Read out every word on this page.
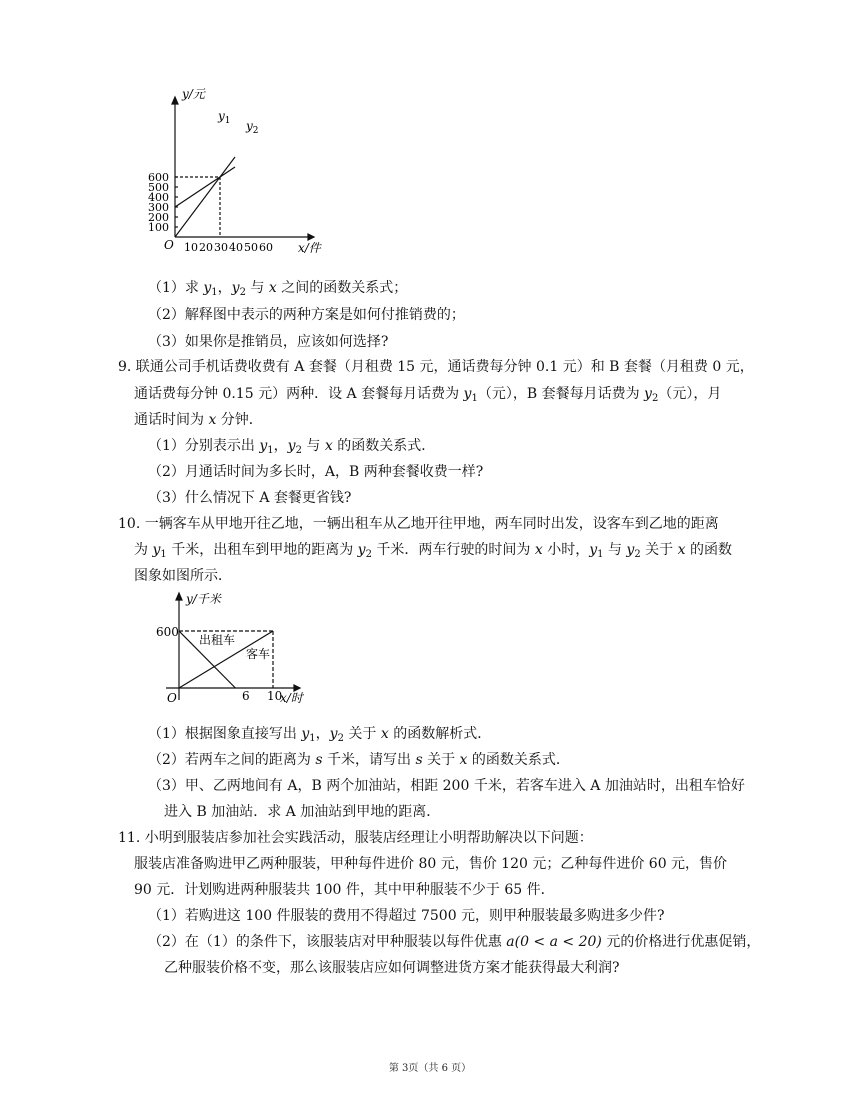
y/元
x/件
O
100
200
300
400
500
600
10 20 30 40 50 60
$y_1$ $y_2$
（1）求 $y_1$，$y_2$ 与 x 之间的函数关系式；
（2）解释图中表示的两种方案是如何付推销费的；
（3）如果你是推销员，应该如何选择?
9. 联通公司手机话费收费有 A 套餐（月租费 15 元，通话费每分钟 0.1 元）和 B 套餐（月租费 0 元，
通话费每分钟 0.15 元）两种．设 A 套餐每月话费为 $y_1$（元），B 套餐每月话费为 $y_2$（元），月
通话时间为 x 分钟．
（1）分别表示出 $y_1$，$y_2$ 与 x 的函数关系式．
（2）月通话时间为多长时，A，B 两种套餐收费一样?
（3）什么情况下 A 套餐更省钱?
10. 一辆客车从甲地开往乙地，一辆出租车从乙地开往甲地，两车同时出发，设客车到乙地的距离
为 $y_1$ 千米，出租车到甲地的距离为 $y_2$ 千米．两车行驶的时间为 x 小时，$y_1$ 与 $y_2$ 关于 x 的函数
图象如图所示．
y/千米
x/时
O
600
6 10
出租车
客车
（1）根据图象直接写出 $y_1$，$y_2$ 关于 x 的函数解析式．
（2）若两车之间的距离为 s 千米，请写出 s 关于 x 的函数关系式．
（3）甲、乙两地间有 A，B 两个加油站，相距 200 千米，若客车进入 A 加油站时，出租车恰好
进入 B 加油站．求 A 加油站到甲地的距离．
11. 小明到服装店参加社会实践活动，服装店经理让小明帮助解决以下问题：
服装店准备购进甲乙两种服装，甲种每件进价 80 元，售价 120 元；乙种每件进价 60 元，售价
90 元．计划购进两种服装共 100 件，其中甲种服装不少于 65 件．
（1）若购进这 100 件服装的费用不得超过 7500 元，则甲种服装最多购进多少件?
（2）在（1）的条件下，该服装店对甲种服装以每件优惠 a(0 < a < 20) 元的价格进行优惠促销，
乙种服装价格不变，那么该服装店应如何调整进货方案才能获得最大利润?
第 3页（共 6 页）
